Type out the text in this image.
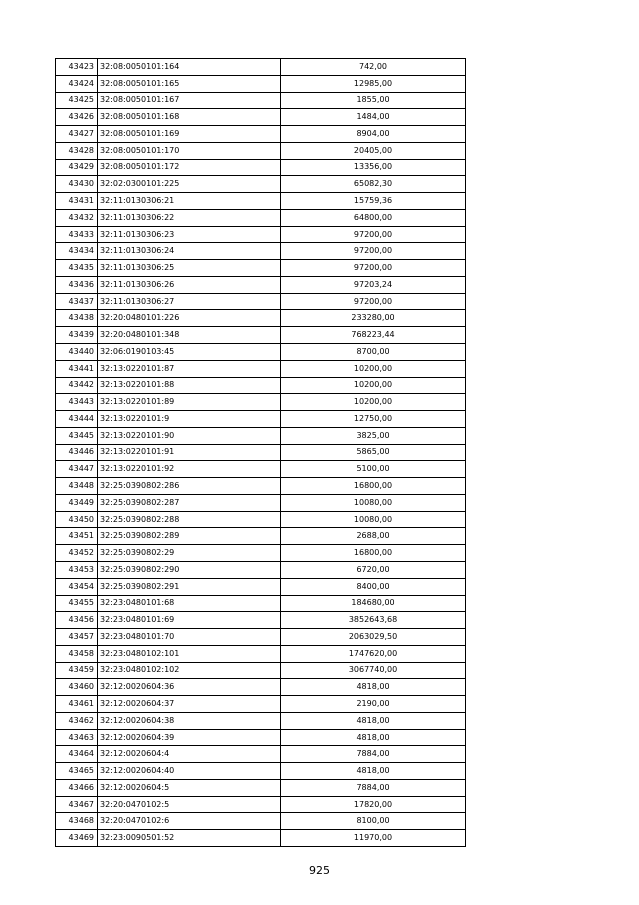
43423	32:08:0050101:164	742,00
43424	32:08:0050101:165	12985,00
43425	32:08:0050101:167	1855,00
43426	32:08:0050101:168	1484,00
43427	32:08:0050101:169	8904,00
43428	32:08:0050101:170	20405,00
43429	32:08:0050101:172	13356,00
43430	32:02:0300101:225	65082,30
43431	32:11:0130306:21	15759,36
43432	32:11:0130306:22	64800,00
43433	32:11:0130306:23	97200,00
43434	32:11:0130306:24	97200,00
43435	32:11:0130306:25	97200,00
43436	32:11:0130306:26	97203,24
43437	32:11:0130306:27	97200,00
43438	32:20:0480101:226	233280,00
43439	32:20:0480101:348	768223,44
43440	32:06:0190103:45	8700,00
43441	32:13:0220101:87	10200,00
43442	32:13:0220101:88	10200,00
43443	32:13:0220101:89	10200,00
43444	32:13:0220101:9	12750,00
43445	32:13:0220101:90	3825,00
43446	32:13:0220101:91	5865,00
43447	32:13:0220101:92	5100,00
43448	32:25:0390802:286	16800,00
43449	32:25:0390802:287	10080,00
43450	32:25:0390802:288	10080,00
43451	32:25:0390802:289	2688,00
43452	32:25:0390802:29	16800,00
43453	32:25:0390802:290	6720,00
43454	32:25:0390802:291	8400,00
43455	32:23:0480101:68	184680,00
43456	32:23:0480101:69	3852643,68
43457	32:23:0480101:70	2063029,50
43458	32:23:0480102:101	1747620,00
43459	32:23:0480102:102	3067740,00
43460	32:12:0020604:36	4818,00
43461	32:12:0020604:37	2190,00
43462	32:12:0020604:38	4818,00
43463	32:12:0020604:39	4818,00
43464	32:12:0020604:4	7884,00
43465	32:12:0020604:40	4818,00
43466	32:12:0020604:5	7884,00
43467	32:20:0470102:5	17820,00
43468	32:20:0470102:6	8100,00
43469	32:23:0090501:52	11970,00
925
